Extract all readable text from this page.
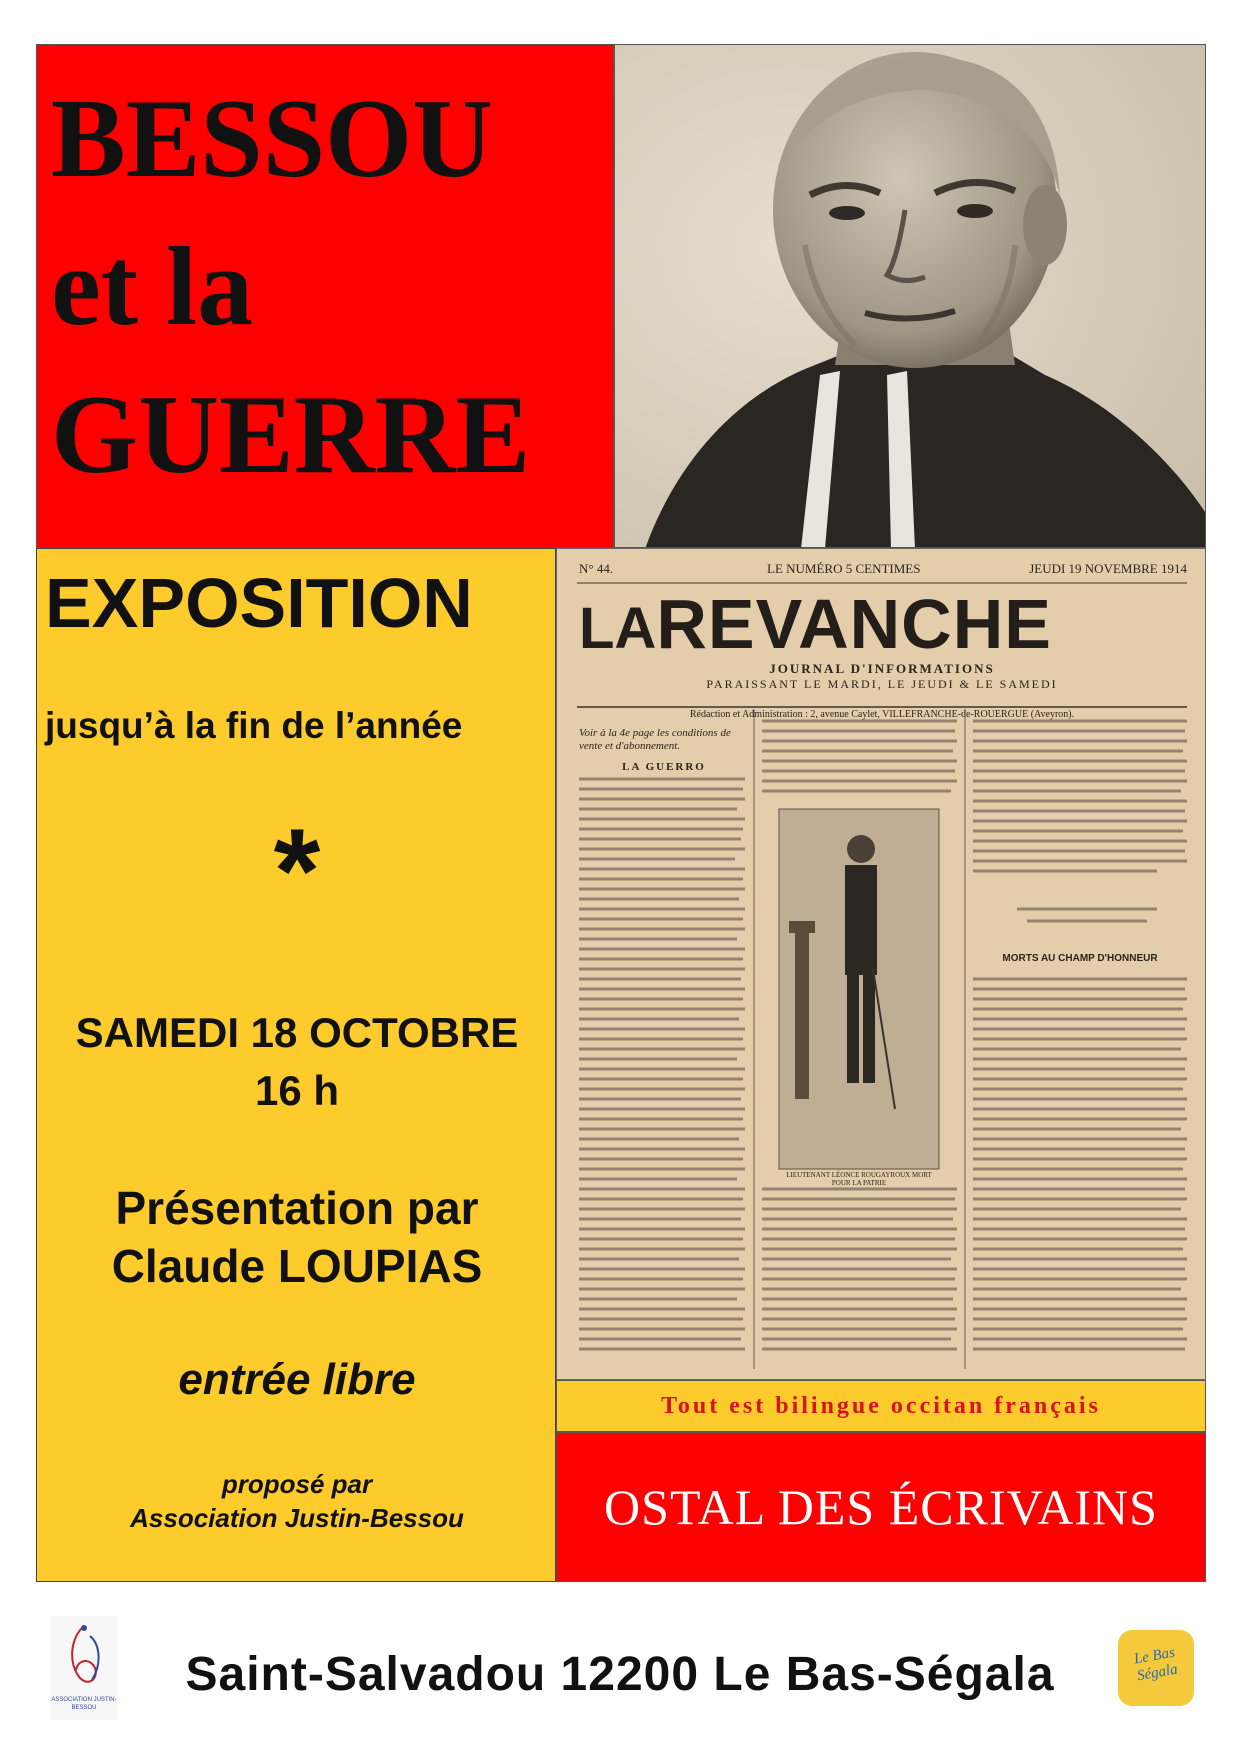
BESSOU
et la
GUERRE
EXPOSITION
jusqu’à la fin de l’année
*
SAMEDI 18 OCTOBRE
16 h
Présentation par
Claude LOUPIAS
entrée libre
proposé par
Association Justin-Bessou
N° 44.	LE NUMÉRO 5 CENTIMES	JEUDI 19 NOVEMBRE 1914
LAREVANCHE
JOURNAL D'INFORMATIONS
PARAISSANT LE MARDI, LE JEUDI & LE SAMEDI
Rédaction et Administration : 2, avenue Caylet, VILLEFRANCHE-de-ROUERGUE (Aveyron).
Voir à la 4e page les conditions de vente et d'abonnement.
LA GUERRO
MORTS AU CHAMP D'HONNEUR
LIEUTENANT LÉONCE ROUGAYROUX MORT POUR LA PATRIE
Tout est bilingue occitan français
OSTAL DES ÉCRIVAINS
ASSOCIATION JUSTIN-BESSOU
Saint-Salvadou 12200 Le Bas-Ségala	Le Bas Ségala
